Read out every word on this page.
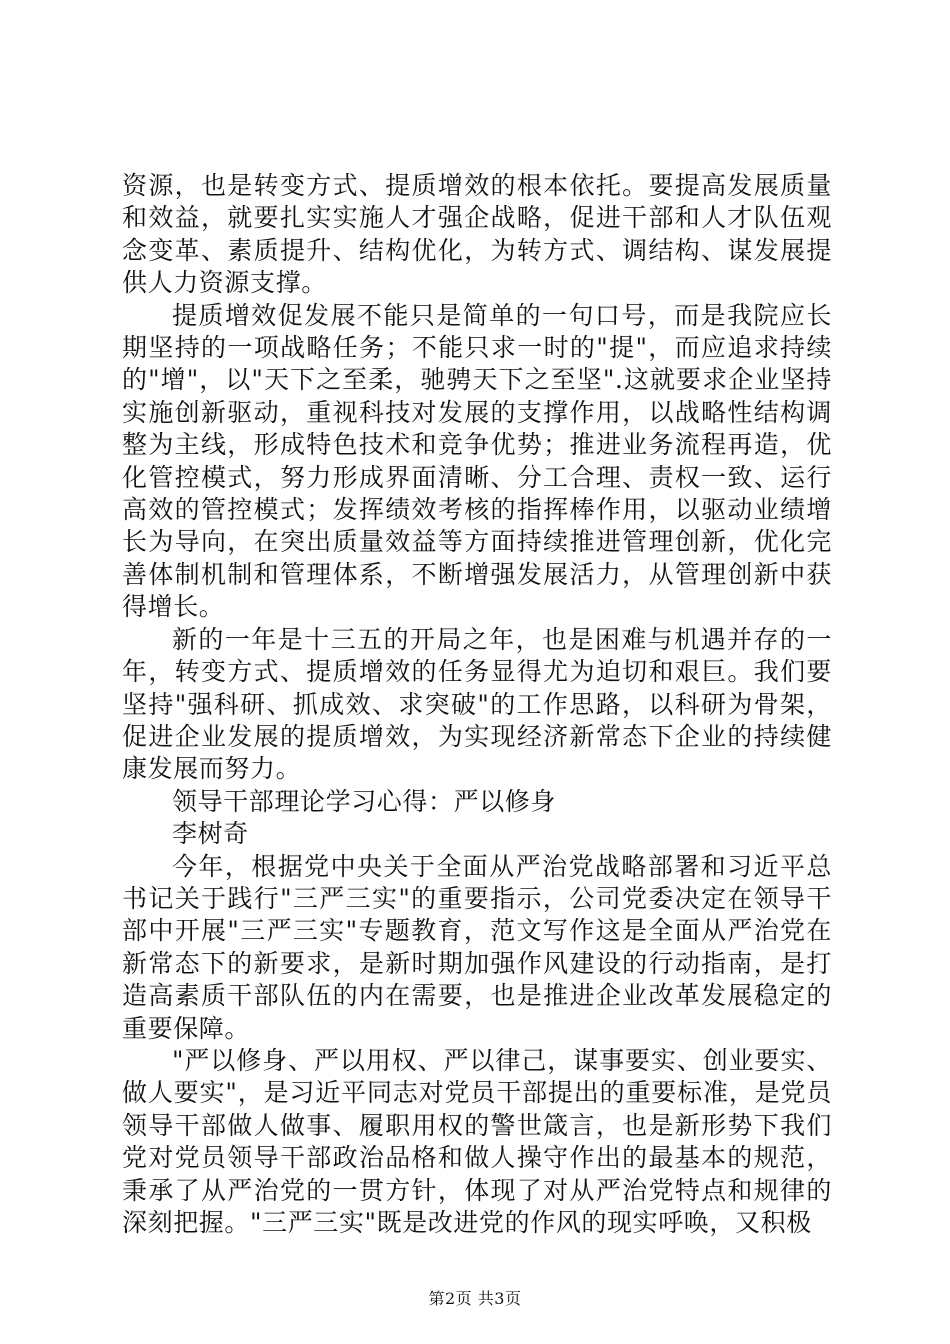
资源，也是转变方式、提质增效的根本依托。要提高发展质量和效益，就要扎实实施人才强企战略，促进干部和人才队伍观念变革、素质提升、结构优化，为转方式、调结构、谋发展提供人力资源支撑。

提质增效促发展不能只是简单的一句口号，而是我院应长期坚持的一项战略任务；不能只求一时的"提"，而应追求持续的"增"，以"天下之至柔，驰骋天下之至坚".这就要求企业坚持实施创新驱动，重视科技对发展的支撑作用，以战略性结构调整为主线，形成特色技术和竞争优势；推进业务流程再造，优化管控模式，努力形成界面清晰、分工合理、责权一致、运行高效的管控模式；发挥绩效考核的指挥棒作用，以驱动业绩增长为导向，在突出质量效益等方面持续推进管理创新，优化完善体制机制和管理体系，不断增强发展活力，从管理创新中获得增长。

新的一年是十三五的开局之年，也是困难与机遇并存的一年，转变方式、提质增效的任务显得尤为迫切和艰巨。我们要坚持"强科研、抓成效、求突破"的工作思路，以科研为骨架，促进企业发展的提质增效，为实现经济新常态下企业的持续健康发展而努力。

领导干部理论学习心得：严以修身

李树奇

今年，根据党中央关于全面从严治党战略部署和习近平总书记关于践行"三严三实"的重要指示，公司党委决定在领导干部中开展"三严三实"专题教育，范文写作这是全面从严治党在新常态下的新要求，是新时期加强作风建设的行动指南，是打造高素质干部队伍的内在需要，也是推进企业改革发展稳定的重要保障。

"严以修身、严以用权、严以律己，谋事要实、创业要实、做人要实"，是习近平同志对党员干部提出的重要标准，是党员领导干部做人做事、履职用权的警世箴言，也是新形势下我们党对党员领导干部政治品格和做人操守作出的最基本的规范，秉承了从严治党的一贯方针，体现了对从严治党特点和规律的深刻把握。"三严三实"既是改进党的作风的现实呼唤，又积极

第2页 共3页
